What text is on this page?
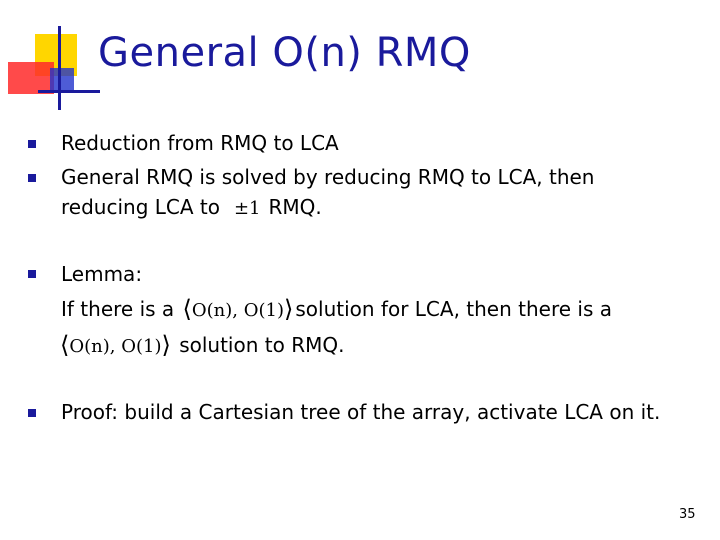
General O(n) RMQ
Reduction from RMQ to LCA
General RMQ is solved by reducing RMQ to LCA, then
reducing LCA to ±1 RMQ.
Lemma:
If there is a ⟨O(n), O(1)⟩ solution for LCA, then there is a
⟨O(n), O(1)⟩ solution to RMQ.
Proof: build a Cartesian tree of the array, activate LCA on it.
35
